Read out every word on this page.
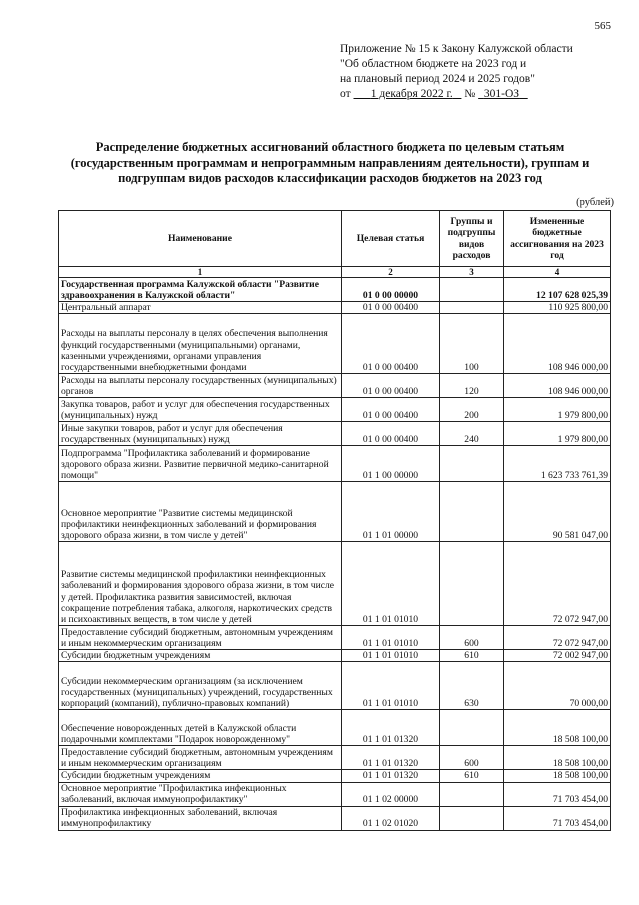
565
Приложение № 15 к Закону Калужской области
"Об областном бюджете на 2023 год и
на плановый период 2024 и 2025 годов"
от 1 декабря 2022 г. № 301-ОЗ
Распределение бюджетных ассигнований областного бюджета по целевым статьям
(государственным программам и непрограммным направлениям деятельности), группам и
подгруппам видов расходов классификации расходов бюджетов на 2023 год
(рублей)
Наименование	Целевая статья	Группы и подгруппы видов расходов	Измененные бюджетные ассигнования на 2023 год
1	2	3	4
Государственная программа Калужской области "Развитие здравоохранения в Калужской области"	01 0 00 00000		12 107 628 025,39
Центральный аппарат	01 0 00 00400		110 925 800,00
Расходы на выплаты персоналу в целях обеспечения выполнения функций государственными (муниципальными) органами, казенными учреждениями, органами управления государственными внебюджетными фондами	01 0 00 00400	100	108 946 000,00
Расходы на выплаты персоналу государственных (муниципальных) органов	01 0 00 00400	120	108 946 000,00
Закупка товаров, работ и услуг для обеспечения государственных (муниципальных) нужд	01 0 00 00400	200	1 979 800,00
Иные закупки товаров, работ и услуг для обеспечения государственных (муниципальных) нужд	01 0 00 00400	240	1 979 800,00
Подпрограмма "Профилактика заболеваний и формирование здорового образа жизни. Развитие первичной медико-санитарной помощи"	01 1 00 00000		1 623 733 761,39
Основное мероприятие "Развитие системы медицинской профилактики неинфекционных заболеваний и формирования здорового образа жизни, в том числе у детей"	01 1 01 00000		90 581 047,00
Развитие системы медицинской профилактики неинфекционных заболеваний и формирования здорового образа жизни, в том числе у детей. Профилактика развития зависимостей, включая сокращение потребления табака, алкоголя, наркотических средств и психоактивных веществ, в том числе у детей	01 1 01 01010		72 072 947,00
Предоставление субсидий бюджетным, автономным учреждениям и иным некоммерческим организациям	01 1 01 01010	600	72 072 947,00
Субсидии бюджетным учреждениям	01 1 01 01010	610	72 002 947,00
Субсидии некоммерческим организациям (за исключением государственных (муниципальных) учреждений, государственных корпораций (компаний), публично-правовых компаний)	01 1 01 01010	630	70 000,00
Обеспечение новорожденных детей в Калужской области подарочными комплектами "Подарок новорожденному"	01 1 01 01320		18 508 100,00
Предоставление субсидий бюджетным, автономным учреждениям и иным некоммерческим организациям	01 1 01 01320	600	18 508 100,00
Субсидии бюджетным учреждениям	01 1 01 01320	610	18 508 100,00
Основное мероприятие "Профилактика инфекционных заболеваний, включая иммунопрофилактику"	01 1 02 00000		71 703 454,00
Профилактика инфекционных заболеваний, включая иммунопрофилактику	01 1 02 01020		71 703 454,00
